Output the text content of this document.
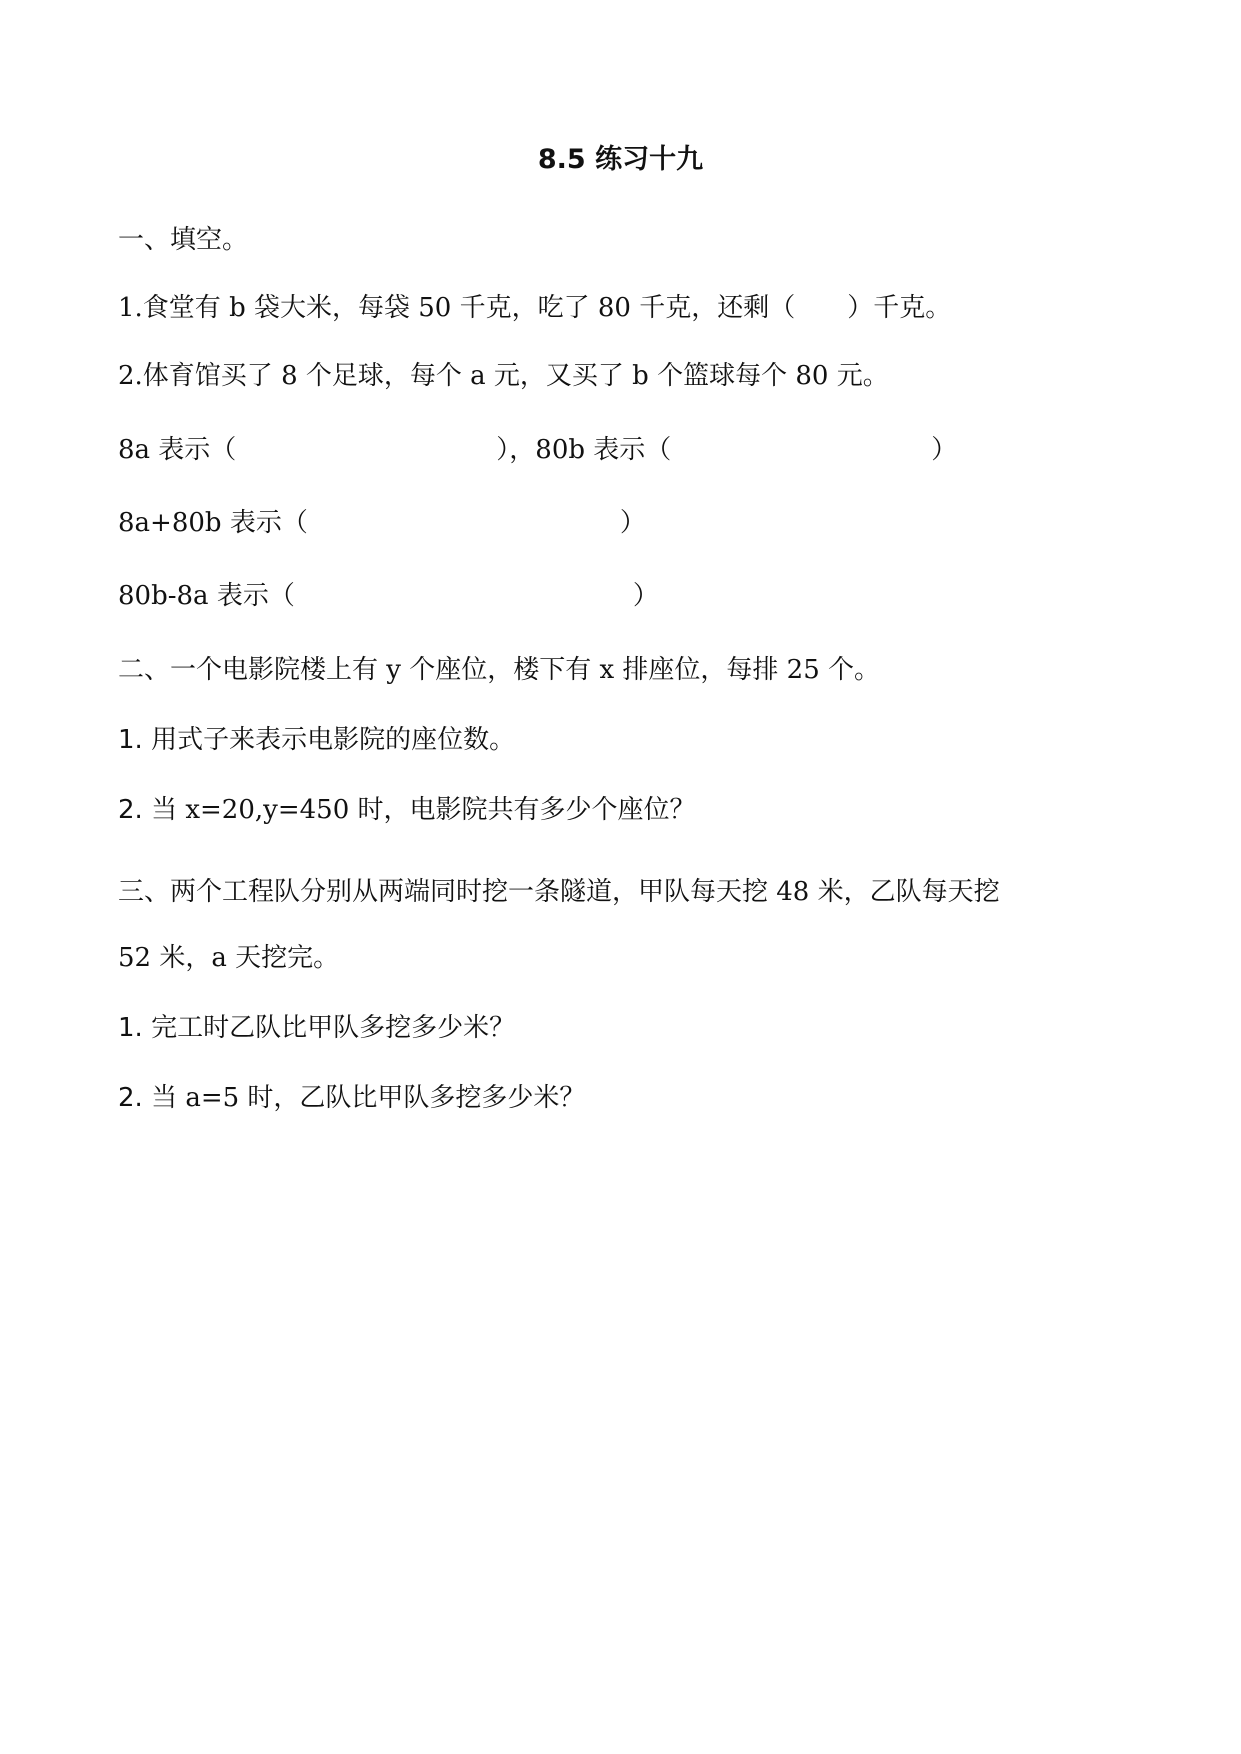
8.5 练习十九
一、填空。
1.食堂有 b 袋大米，每袋 50 千克，吃了 80 千克，还剩（　　）千克。
2.体育馆买了 8 个足球，每个 a 元，又买了 b 个篮球每个 80 元。
8a 表示（　　　　　　　　　　），80b 表示（　　　　　　　　　　）
8a+80b 表示（　　　　　　　　　　　　）
80b-8a 表示（　　　　　　　　　　　　　）
二、一个电影院楼上有 y 个座位，楼下有 x 排座位，每排 25 个。
1. 用式子来表示电影院的座位数。
2. 当 x=20,y=450 时，电影院共有多少个座位？
三、两个工程队分别从两端同时挖一条隧道，甲队每天挖 48 米，乙队每天挖
52 米，a 天挖完。
1. 完工时乙队比甲队多挖多少米？
2. 当 a=5 时，乙队比甲队多挖多少米？
